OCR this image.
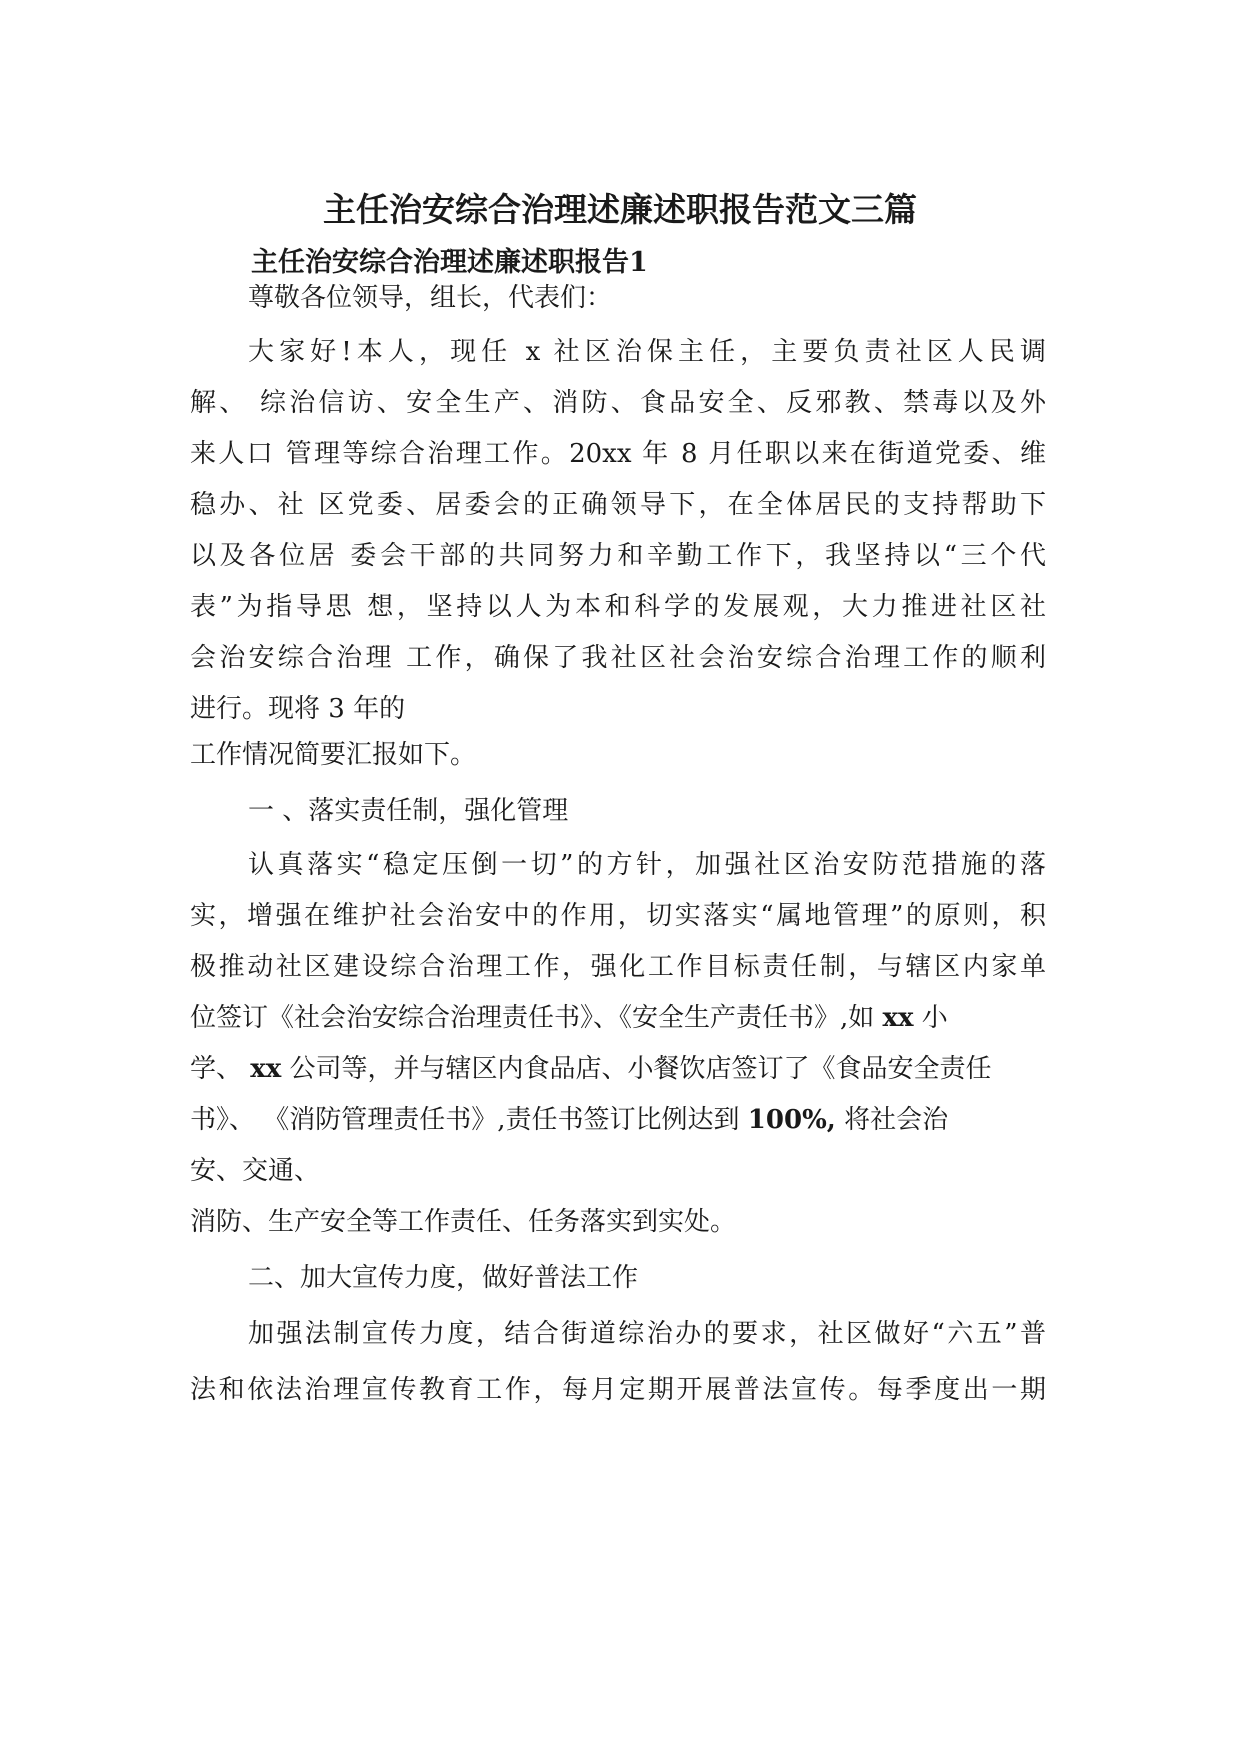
主任治安综合治理述廉述职报告范文三篇
主任治安综合治理述廉述职报告1

尊敬各位领导，组长，代表们：

大家好!本人，现任 x 社区治保主任，主要负责社区人民调

解、 综治信访、安全生产、消防、食品安全、反邪教、禁毒以及外

来人口 管理等综合治理工作。20xx 年 8 月任职以来在街道党委、维

稳办、社 区党委、居委会的正确领导下，在全体居民的支持帮助下

以及各位居 委会干部的共同努力和辛勤工作下，我坚持以“三个代

表”为指导思 想，坚持以人为本和科学的发展观，大力推进社区社

会治安综合治理 工作，确保了我社区社会治安综合治理工作的顺利

进行。现将 3 年的

工作情况简要汇报如下。

一 、落实责任制，强化管理

认真落实“稳定压倒一切”的方针，加强社区治安防范措施的落

实，增强在维护社会治安中的作用，切实落实“属地管理”的原则，积

极推动社区建设综合治理工作，强化工作目标责任制，与辖区内家单

位签订《社会治安综合治理责任书》、《安全生产责任书》,如 xx 小

学、 xx 公司等，并与辖区内食品店、小餐饮店签订了《食品安全责任

书》、 《消防管理责任书》,责任书签订比例达到 100%, 将社会治

安、交通、

消防、生产安全等工作责任、任务落实到实处。

二、加大宣传力度，做好普法工作

加强法制宣传力度，结合街道综治办的要求，社区做好“六五”普

法和依法治理宣传教育工作，每月定期开展普法宣传。每季度出一期
